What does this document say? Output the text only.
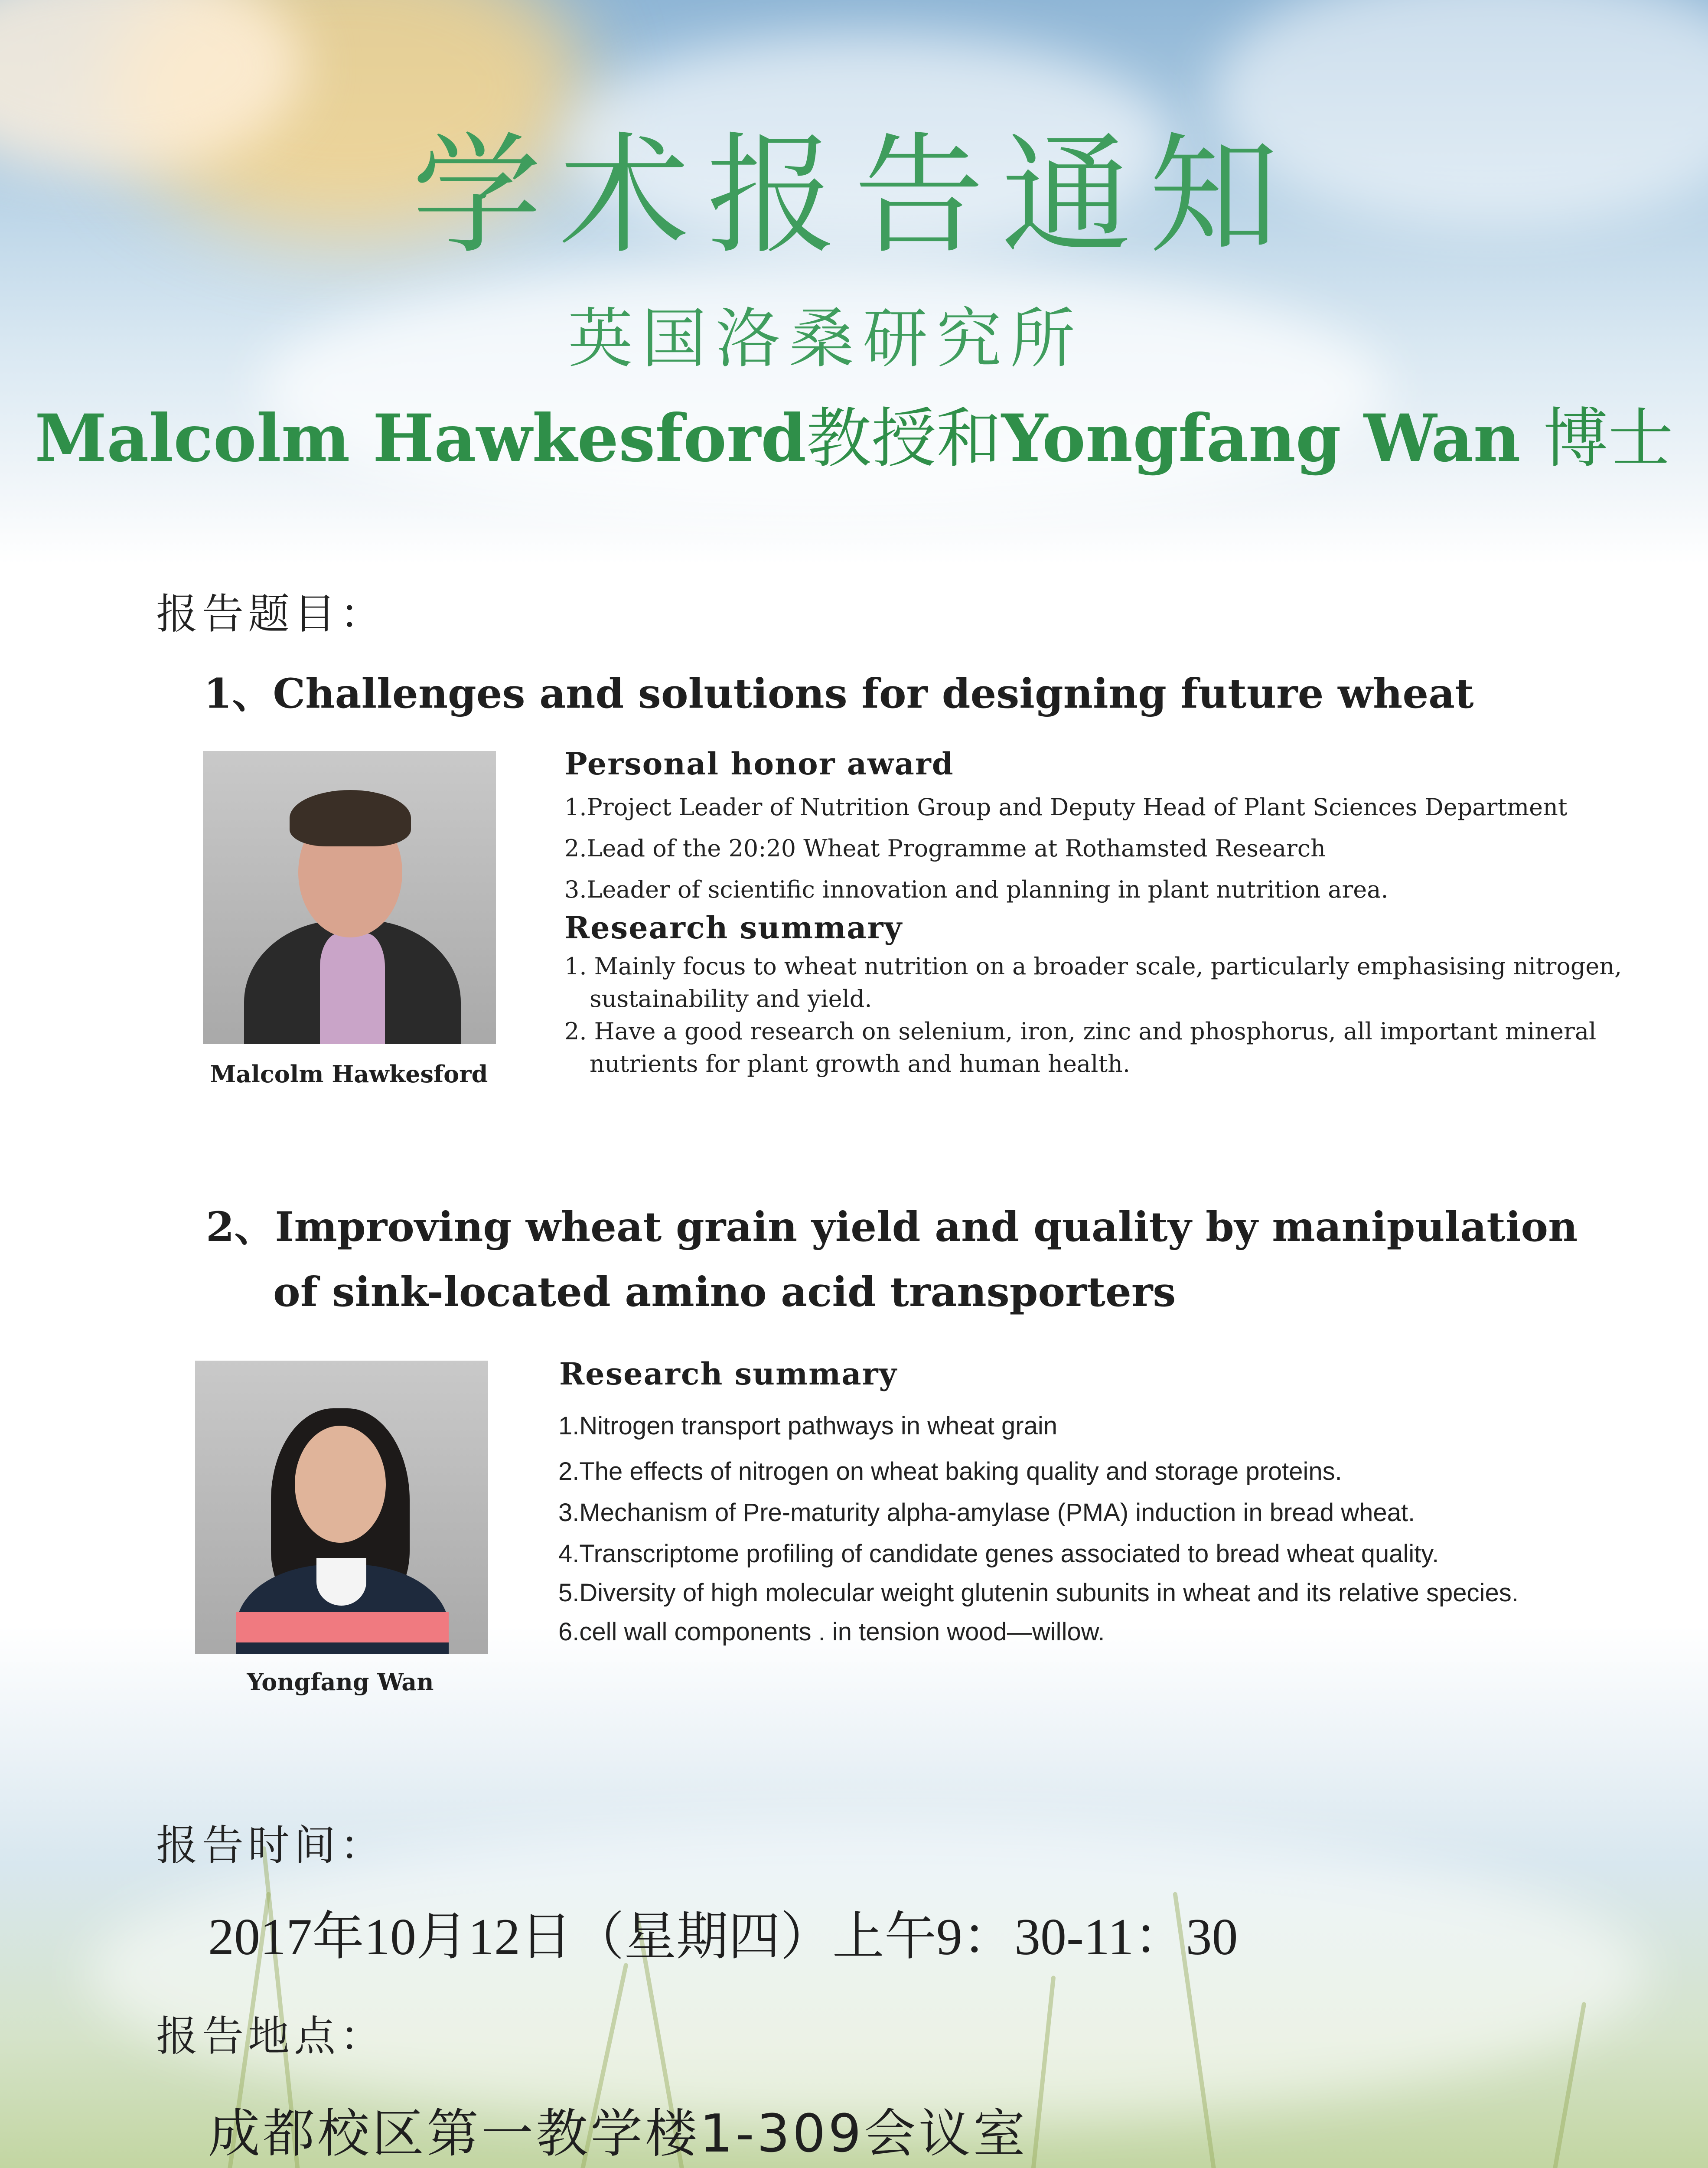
学术报告通知
英国洛桑研究所
Malcolm Hawkesford教授和Yongfang Wan 博士
报告题目：
1、Challenges and solutions for designing future wheat
Malcolm Hawkesford
Personal honor award
1.Project Leader of Nutrition Group and Deputy Head of Plant Sciences Department
2.Lead of the 20:20 Wheat Programme at Rothamsted Research
3.Leader of scientific innovation and planning in plant nutrition area.
Research summary
1. Mainly focus to wheat nutrition on a broader scale, particularly emphasising nitrogen,
sustainability and yield.
2. Have a good research on selenium, iron, zinc and phosphorus, all important mineral
nutrients for plant growth and human health.
2、Improving wheat grain yield and quality by manipulation
of sink-located amino acid transporters
Yongfang Wan
Research summary
1.Nitrogen transport pathways in wheat grain
2.The effects of nitrogen on wheat baking quality and storage proteins.
3.Mechanism of Pre-maturity alpha-amylase (PMA) induction in bread wheat.
4.Transcriptome profiling of candidate genes associated to bread wheat quality.
5.Diversity of high molecular weight glutenin subunits in wheat and its relative species.
6.cell wall components . in tension wood—willow.
报告时间：
2017年10月12日（星期四）上午9：30-11：30
报告地点：
成都校区第一教学楼1-309会议室
